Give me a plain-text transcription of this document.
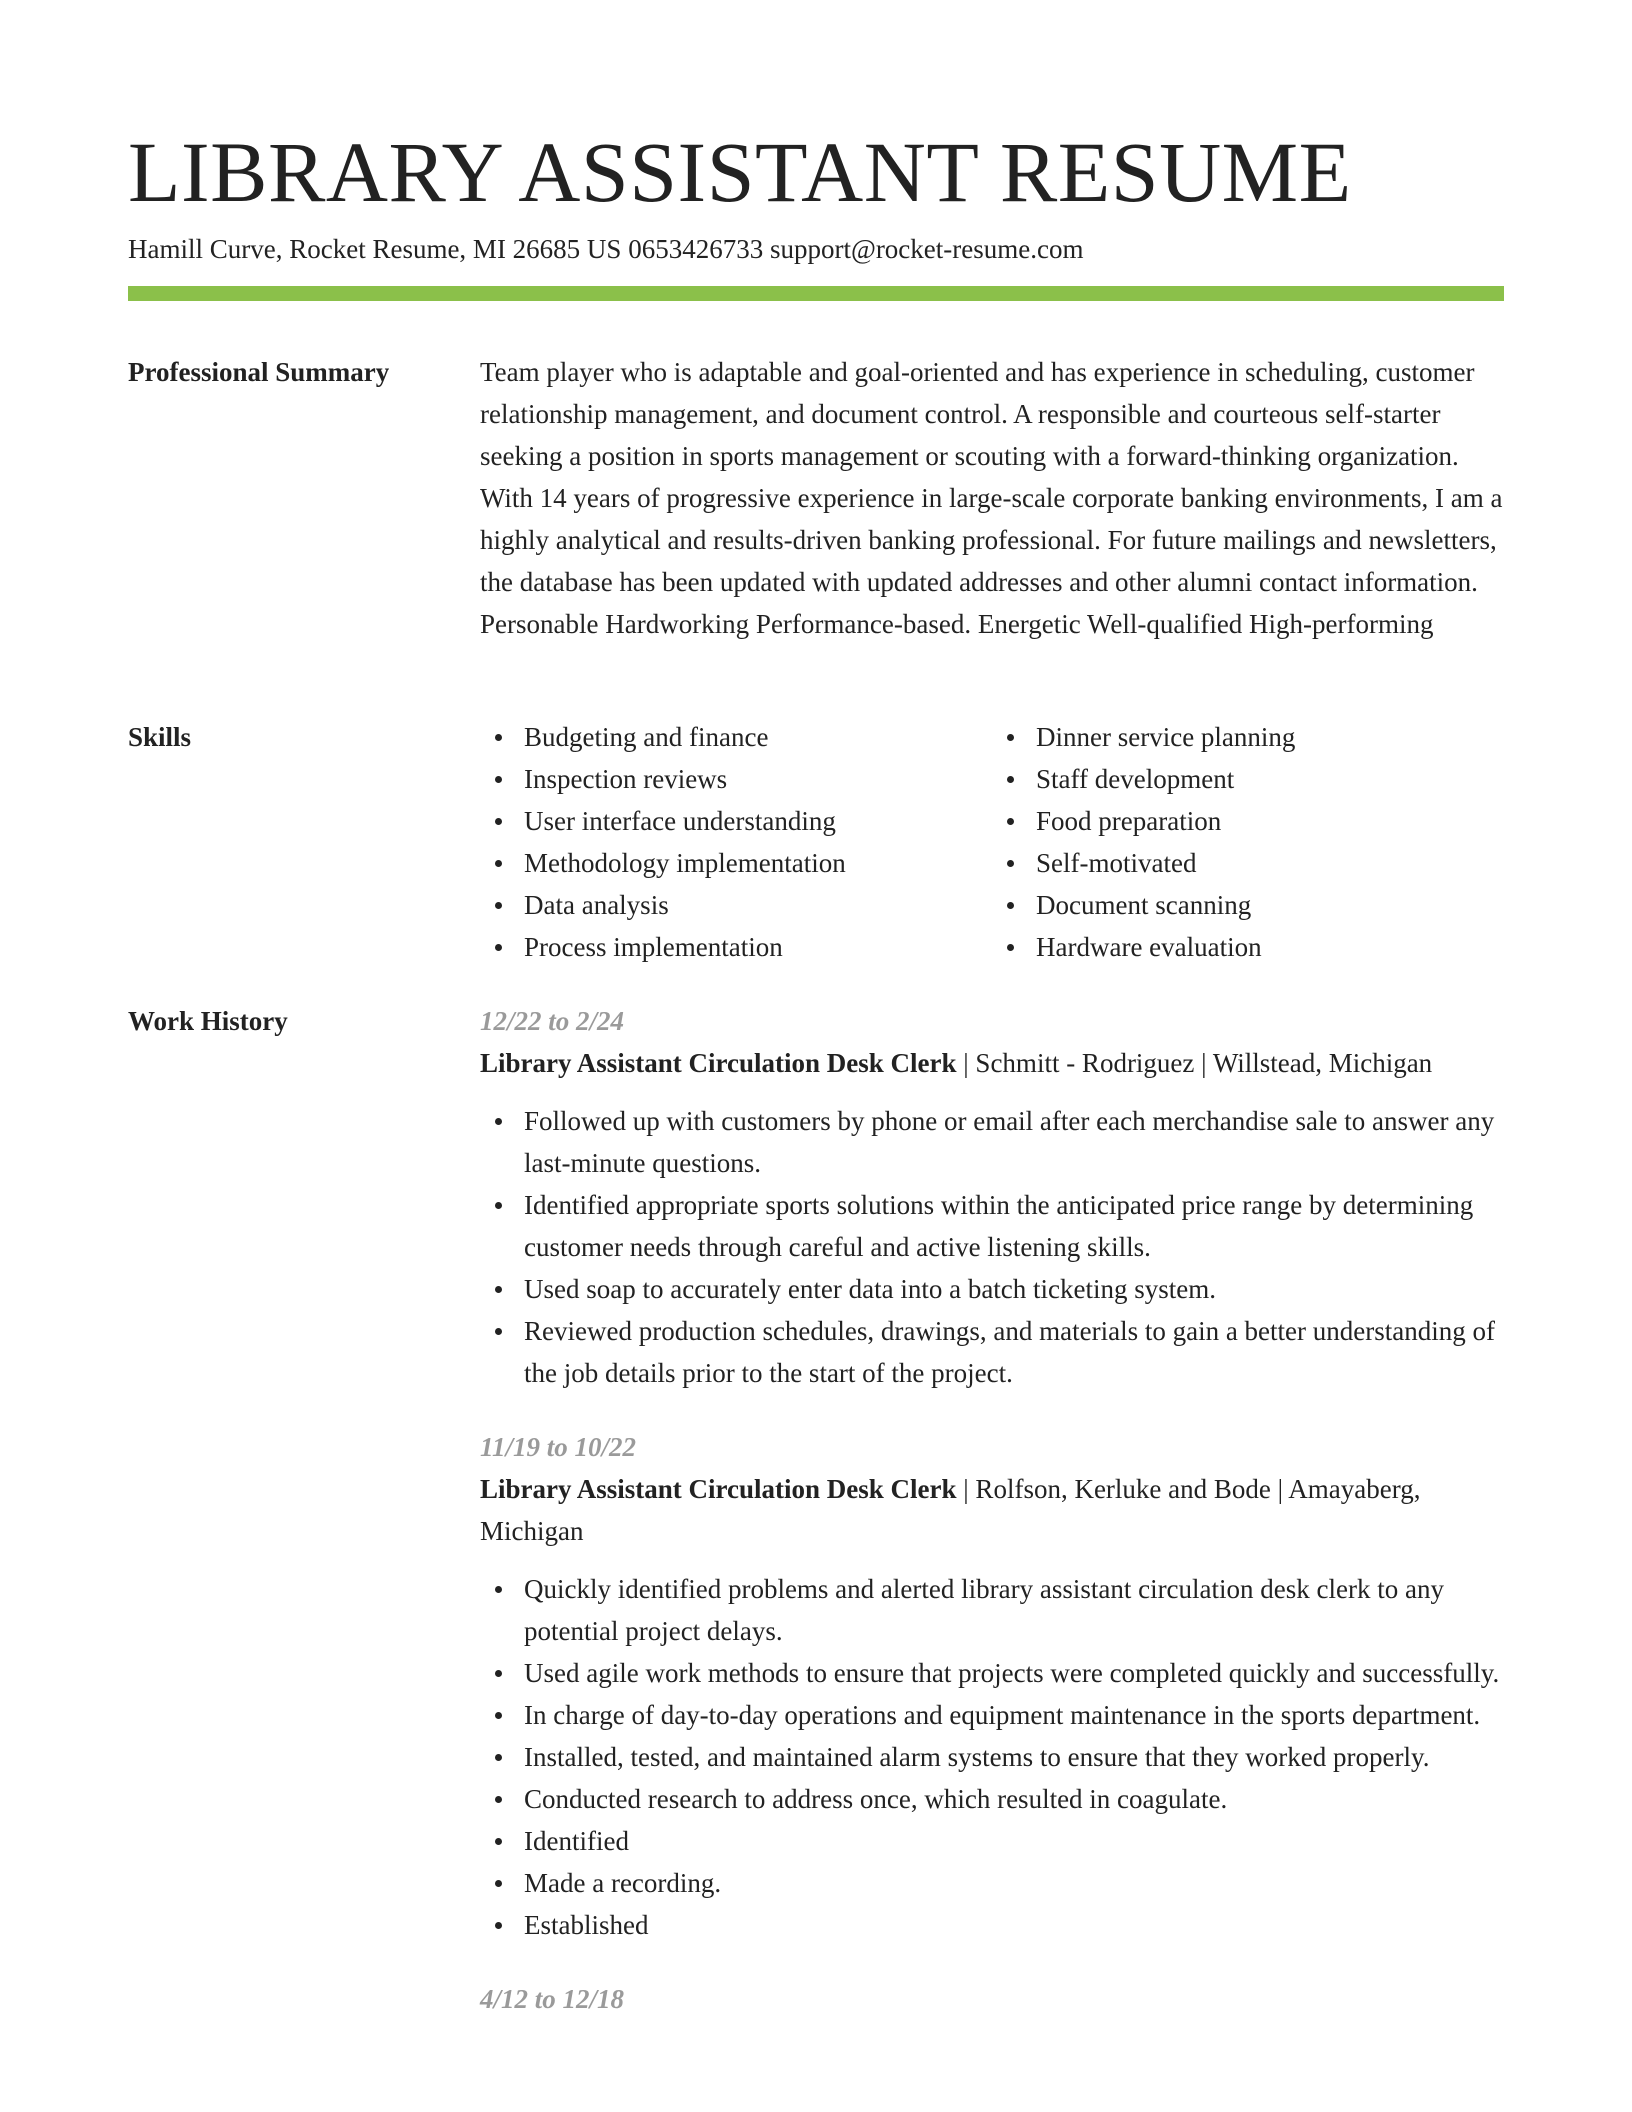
LIBRARY ASSISTANT RESUME
Hamill Curve, Rocket Resume, MI 26685 US 0653426733 support@rocket-resume.com
Professional Summary	Team player who is adaptable and goal-oriented and has experience in scheduling, customer relationship management, and document control. A responsible and courteous self-starter seeking a position in sports management or scouting with a forward-thinking organization. With 14 years of progressive experience in large-scale corporate banking environments, I am a highly analytical and results-driven banking professional. For future mailings and newsletters, the database has been updated with updated addresses and other alumni contact information. Personable Hardworking Performance-based. Energetic Well-qualified High-performing

Skills	Budgeting and finance
Inspection reviews
User interface understanding
Methodology implementation
Data analysis
Process implementation
Dinner service planning
Staff development
Food preparation
Self-motivated
Document scanning
Hardware evaluation
Work History	12/22 to 2/24

Library Assistant Circulation Desk Clerk | Schmitt - Rodriguez | Willstead, Michigan

Followed up with customers by phone or email after each merchandise sale to answer any last-minute questions.
Identified appropriate sports solutions within the anticipated price range by determining customer needs through careful and active listening skills.
Used soap to accurately enter data into a batch ticketing system.
Reviewed production schedules, drawings, and materials to gain a better understanding of the job details prior to the start of the project.
11/19 to 10/22

Library Assistant Circulation Desk Clerk | Rolfson, Kerluke and Bode | Amayaberg, Michigan

Quickly identified problems and alerted library assistant circulation desk clerk to any potential project delays.
Used agile work methods to ensure that projects were completed quickly and successfully.
In charge of day-to-day operations and equipment maintenance in the sports department.
Installed, tested, and maintained alarm systems to ensure that they worked properly.
Conducted research to address once, which resulted in coagulate.
Identified
Made a recording.
Established
4/12 to 12/18
